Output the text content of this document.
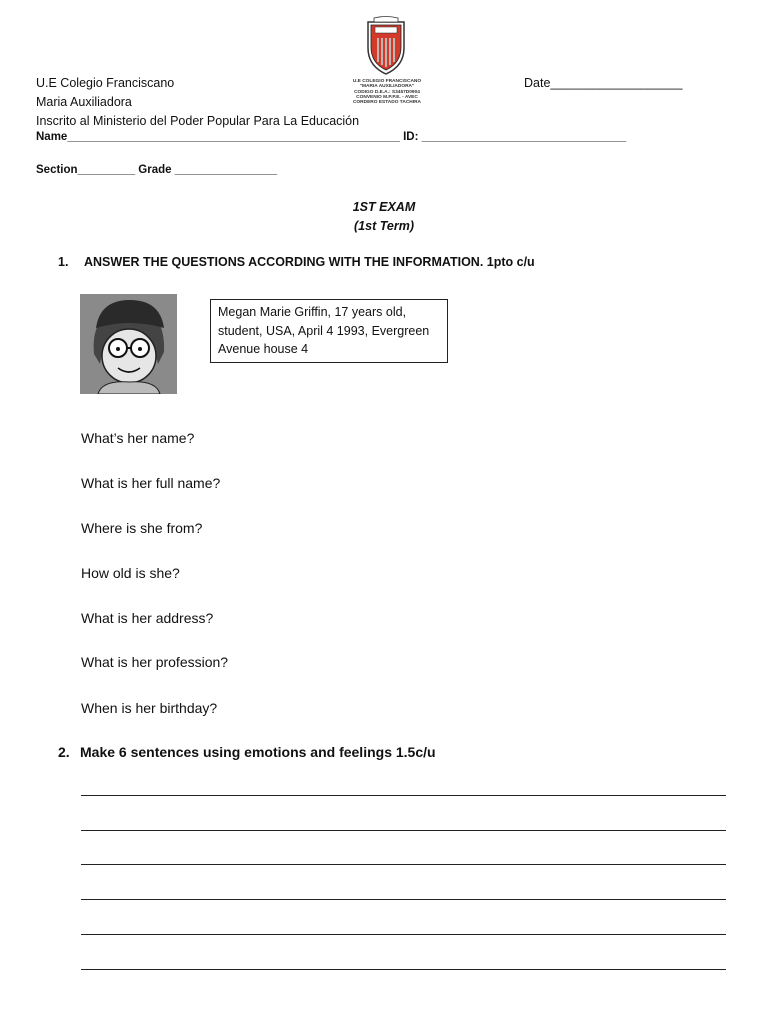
U.E COLEGIO FRANCISCANO
"MARIA AUXILIADORA"
CODIGO D.E.A.: S3457D0904
CONVENIO M.P.P.E. - AVEC
CORDERO ESTADO TACHIRA
U.E Colegio Franciscano
Maria Auxiliadora
Inscrito al Ministerio del Poder Popular Para La Educación
Date___________________
Name____________________________________________________ ID: ________________________________
Section_________ Grade ________________
1ST EXAM
(1st Term)
1. ANSWER THE QUESTIONS ACCORDING WITH THE INFORMATION. 1pto c/u
Megan Marie Griffin, 17 years old, student, USA, April 4 1993, Evergreen Avenue house 4
What’s her name?
What is her full name?
Where is she from?
How old is she?
What is her address?
What is her profession?
When is her birthday?
2. Make 6 sentences using emotions and feelings 1.5c/u
